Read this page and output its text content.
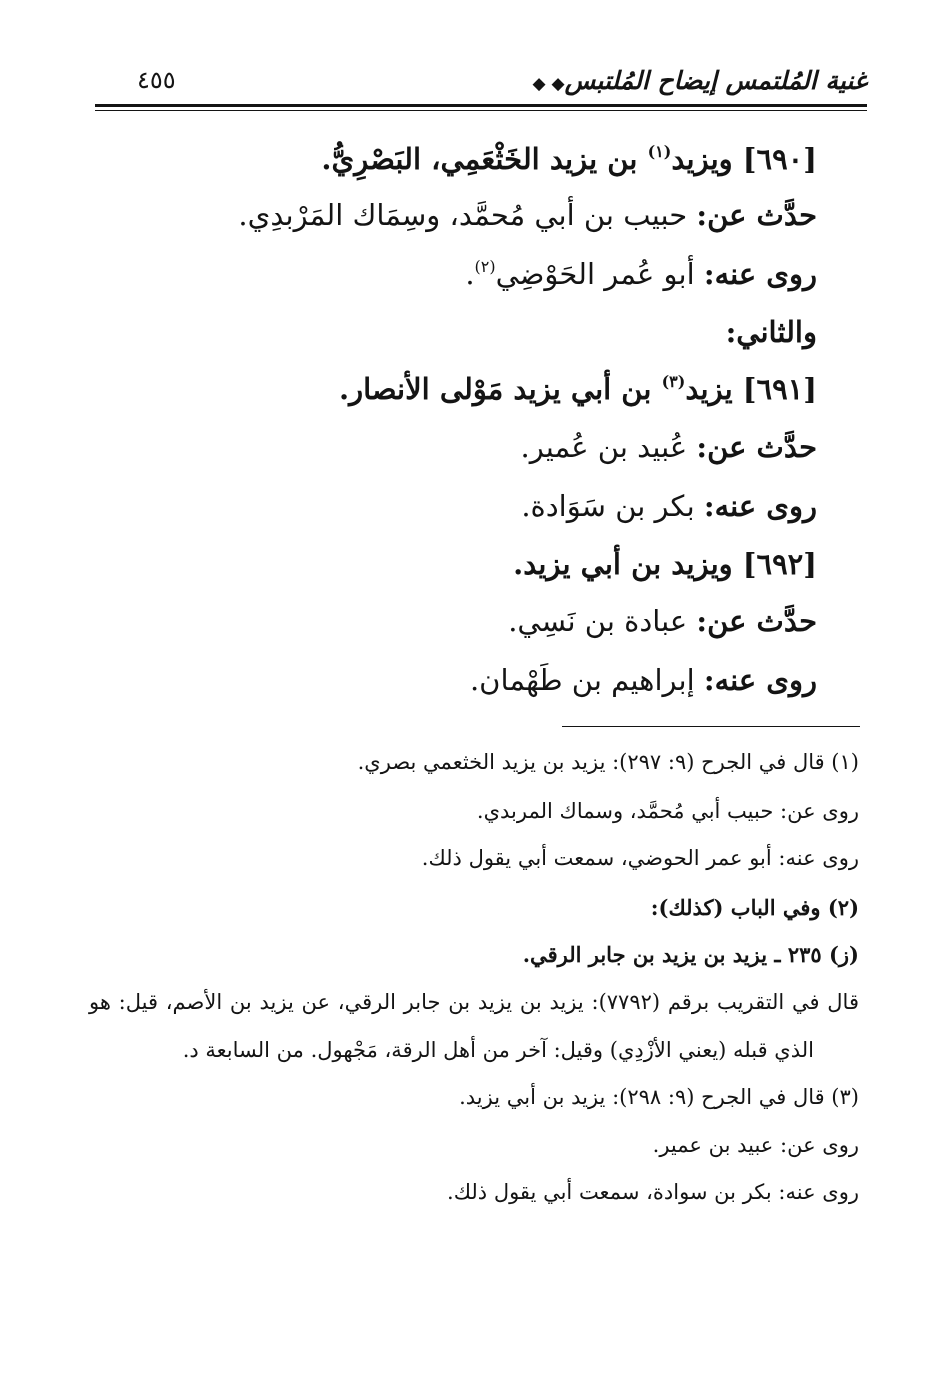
غنية المُلتمس إيضاح المُلتبس◆ ◆
٤٥٥
[٦٩٠] ويزيد$^{(١)}$ بن يزيد الخَثْعَمِي، البَصْرِيُّ.
حدَّث عن: حبيب بن أبي مُحمَّد، وسِمَاك المَرْبدِي.
روى عنه: أبو عُمر الحَوْضِي$^{(٢)}$.
والثاني:
[٦٩١] يزيد$^{(٣)}$ بن أبي يزيد مَوْلى الأنصار.
حدَّث عن: عُبيد بن عُمير.
روى عنه: بكر بن سَوَادة.
[٦٩٢] ويزيد بن أبي يزيد.
حدَّث عن: عبادة بن نَسِي.
روى عنه: إبراهيم بن طَهْمان.
(١) قال في الجرح (٩: ٢٩٧): يزيد بن يزيد الخثعمي بصري.
روى عن: حبيب أبي مُحمَّد، وسماك المربدي.
روى عنه: أبو عمر الحوضي، سمعت أبي يقول ذلك.
(٢) وفي الباب (كذلك):
(ز) ٢٣٥ ـ يزيد بن يزيد بن جابر الرقي.
قال في التقريب برقم (٧٧٩٢): يزيد بن يزيد بن جابر الرقي، عن يزيد بن الأصم، قيل: هو
الذي قبله (يعني الأزْدِي) وقيل: آخر من أهل الرقة، مَجْهول. من السابعة د.
(٣) قال في الجرح (٩: ٢٩٨): يزيد بن أبي يزيد.
روى عن: عبيد بن عمير.
روى عنه: بكر بن سوادة، سمعت أبي يقول ذلك.
